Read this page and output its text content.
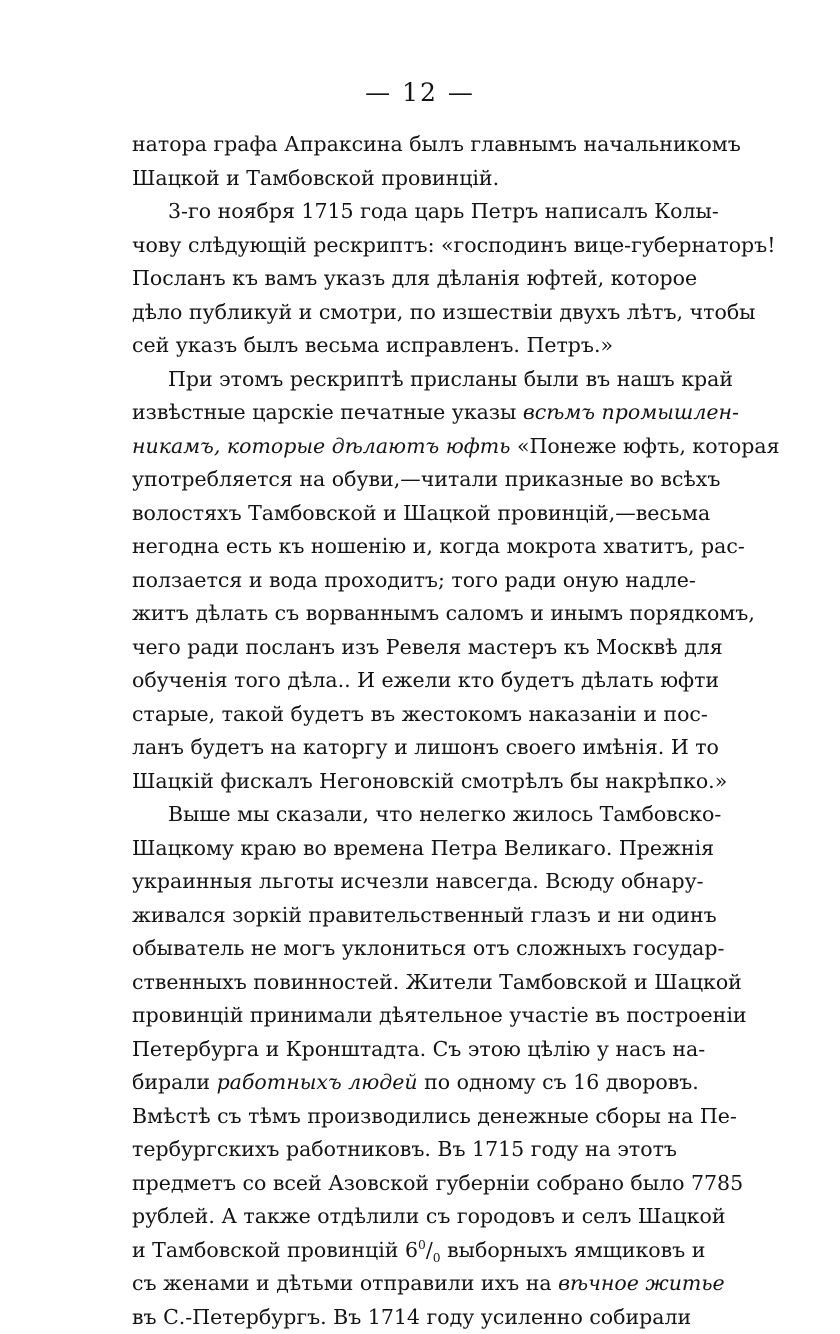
— 12 —
натора графа Апраксина былъ главнымъ начальникомъ
Шацкой и Тамбовской провинцій.
3-го ноября 1715 года царь Петръ написалъ Колы-
чову слѣдующій рескриптъ: «господинъ вице-губернаторъ!
Посланъ къ вамъ указъ для дѣланія юфтей, которое
дѣло публикуй и смотри, по изшествіи двухъ лѣтъ, чтобы
сей указъ былъ весьма исправленъ. Петръ.»
При этомъ рескриптѣ присланы были въ нашъ край
извѣстные царскіе печатные указы всѣмъ промышлен-
никамъ, которые дѣлаютъ юфть «Понеже юфть, которая
употребляется на обуви,—читали приказные во всѣхъ
волостяхъ Тамбовской и Шацкой провинцій,—весьма
негодна есть къ ношенію и, когда мокрота хватитъ, рас-
ползается и вода проходитъ; того ради оную надле-
житъ дѣлать съ ворваннымъ саломъ и инымъ порядкомъ,
чего ради посланъ изъ Ревеля мастеръ къ Москвѣ для
обученія того дѣла.. И ежели кто будетъ дѣлать юфти
старые, такой будетъ въ жестокомъ наказаніи и пос-
ланъ будетъ на каторгу и лишонъ своего имѣнія. И то
Шацкій фискалъ Негоновскій смотрѣлъ бы накрѣпко.»
Выше мы сказали, что нелегко жилось Тамбовско-
Шацкому краю во времена Петра Великаго. Прежнія
украинныя льготы исчезли навсегда. Всюду обнару-
живался зоркій правительственный глазъ и ни одинъ
обыватель не могъ уклониться отъ сложныхъ государ-
ственныхъ повинностей. Жители Тамбовской и Шацкой
провинцій принимали дѣятельное участіе въ построеніи
Петербурга и Кронштадта. Съ этою цѣлію у насъ на-
бирали работныхъ людей по одному съ 16 дворовъ.
Вмѣстѣ съ тѣмъ производились денежные сборы на Пе-
тербургскихъ работниковъ. Въ 1715 году на этотъ
предметъ со всей Азовской губерніи собрано было 7785
рублей. А также отдѣлили съ городовъ и селъ Шацкой
и Тамбовской провинцій $6^0/_0$ выборныхъ ямщиковъ и
съ женами и дѣтьми отправили ихъ на вѣчное житье
въ С.-Петербургъ. Въ 1714 году усиленно собирали
